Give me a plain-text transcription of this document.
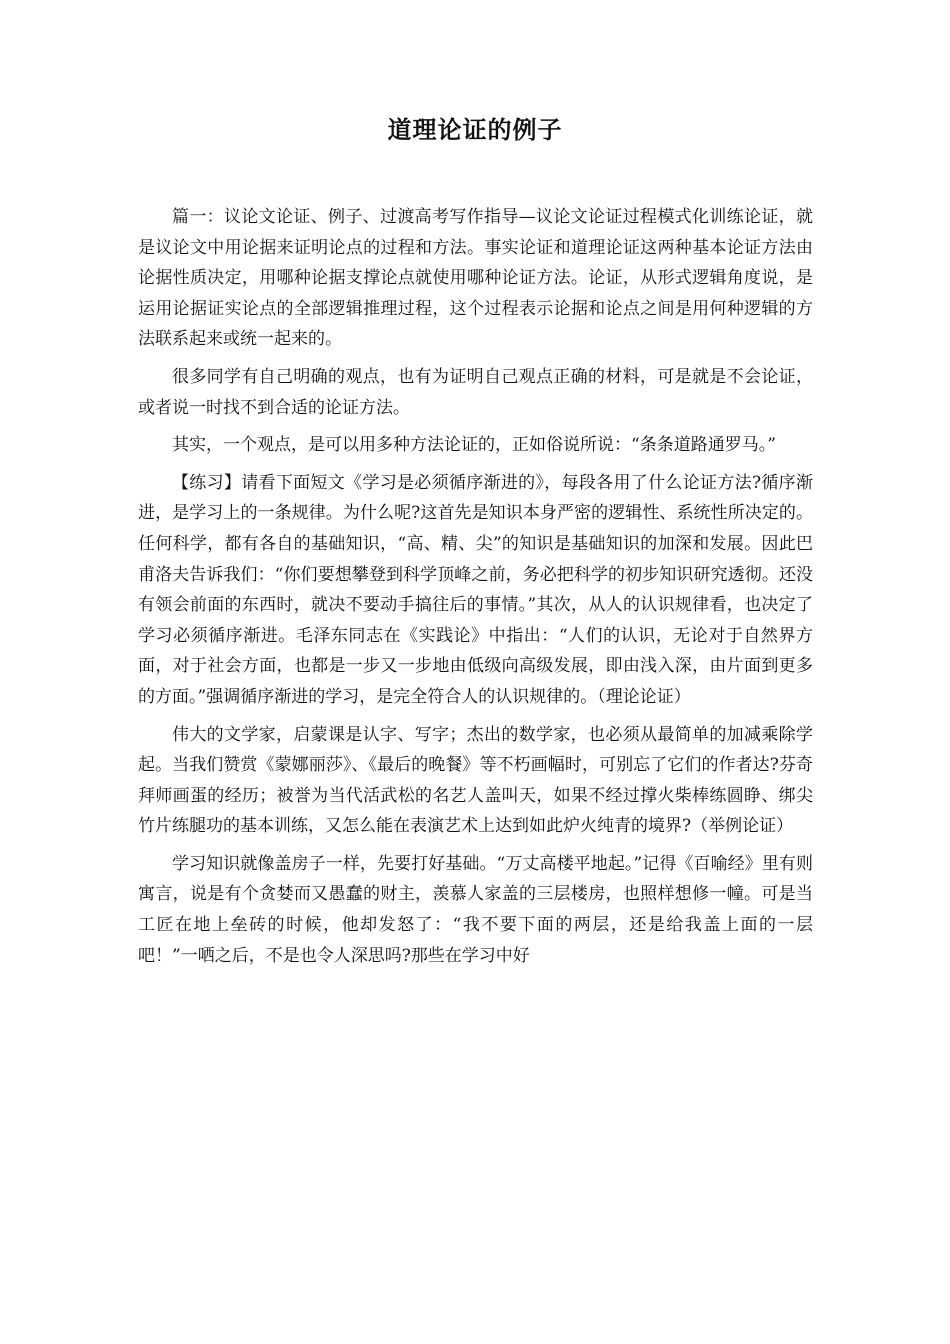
道理论证的例子

篇一：议论文论证、例子、过渡高考写作指导—议论文论证过程模式化训练论证，就是议论文中用论据来证明论点的过程和方法。事实论证和道理论证这两种基本论证方法由论据性质决定，用哪种论据支撑论点就使用哪种论证方法。论证，从形式逻辑角度说，是运用论据证实论点的全部逻辑推理过程，这个过程表示论据和论点之间是用何种逻辑的方法联系起来或统一起来的。

很多同学有自己明确的观点，也有为证明自己观点正确的材料，可是就是不会论证，或者说一时找不到合适的论证方法。

其实，一个观点，是可以用多种方法论证的，正如俗说所说：“条条道路通罗马。”

【练习】请看下面短文《学习是必须循序渐进的》，每段各用了什么论证方法?循序渐进，是学习上的一条规律。为什么呢?这首先是知识本身严密的逻辑性、系统性所决定的。任何科学，都有各自的基础知识，“高、精、尖”的知识是基础知识的加深和发展。因此巴甫洛夫告诉我们：“你们要想攀登到科学顶峰之前，务必把科学的初步知识研究透彻。还没有领会前面的东西时，就决不要动手搞往后的事情。”其次，从人的认识规律看，也决定了学习必须循序渐进。毛泽东同志在《实践论》中指出：“人们的认识，无论对于自然界方面，对于社会方面，也都是一步又一步地由低级向高级发展，即由浅入深，由片面到更多的方面。”强调循序渐进的学习，是完全符合人的认识规律的。（理论论证）

伟大的文学家，启蒙课是认字、写字；杰出的数学家，也必须从最简单的加减乘除学起。当我们赞赏《蒙娜丽莎》、《最后的晚餐》等不朽画幅时，可别忘了它们的作者达?芬奇拜师画蛋的经历；被誉为当代活武松的名艺人盖叫天，如果不经过撑火柴棒练圆睁、绑尖竹片练腿功的基本训练，又怎么能在表演艺术上达到如此炉火纯青的境界?（举例论证）

学习知识就像盖房子一样，先要打好基础。“万丈高楼平地起。”记得《百喻经》里有则寓言，说是有个贪婪而又愚蠢的财主，羡慕人家盖的三层楼房，也照样想修一幢。可是当工匠在地上垒砖的时候，他却发怒了：“我不要下面的两层，还是给我盖上面的一层吧！”一哂之后，不是也令人深思吗?那些在学习中好
